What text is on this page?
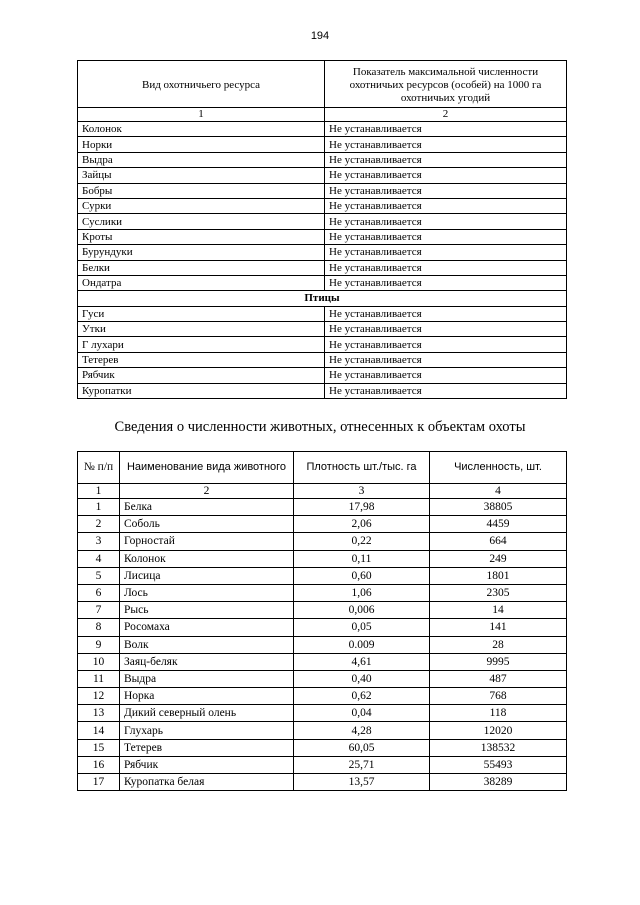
194
Вид охотничьего ресурса	Показатель максимальной численности охотничьих ресурсов (особей) на 1000 га охотничьих угодий
1	2
Колонок	Не устанавливается
Норки	Не устанавливается
Выдра	Не устанавливается
Зайцы	Не устанавливается
Бобры	Не устанавливается
Сурки	Не устанавливается
Суслики	Не устанавливается
Кроты	Не устанавливается
Бурундуки	Не устанавливается
Белки	Не устанавливается
Ондатра	Не устанавливается
Птицы	
Гуси	Не устанавливается
Утки	Не устанавливается
Г лухари	Не устанавливается
Тетерев	Не устанавливается
Рябчик	Не устанавливается
Куропатки	Не устанавливается
Сведения о численности животных, отнесенных к объектам охоты
№ п/п	Наименование вида животного	Плотность шт./тыс. га	Численность, шт.
1	2	3	4
1	Белка	17,98	38805
2	Соболь	2,06	4459
3	Горностай	0,22	664
4	Колонок	0,11	249
5	Лисица	0,60	1801
6	Лось	1,06	2305
7	Рысь	0,006	14
8	Росомаха	0,05	141
9	Волк	0.009	28
10	Заяц-беляк	4,61	9995
11	Выдра	0,40	487
12	Норка	0,62	768
13	Дикий северный олень	0,04	118
14	Глухарь	4,28	12020
15	Тетерев	60,05	138532
16	Рябчик	25,71	55493
17	Куропатка белая	13,57	38289
